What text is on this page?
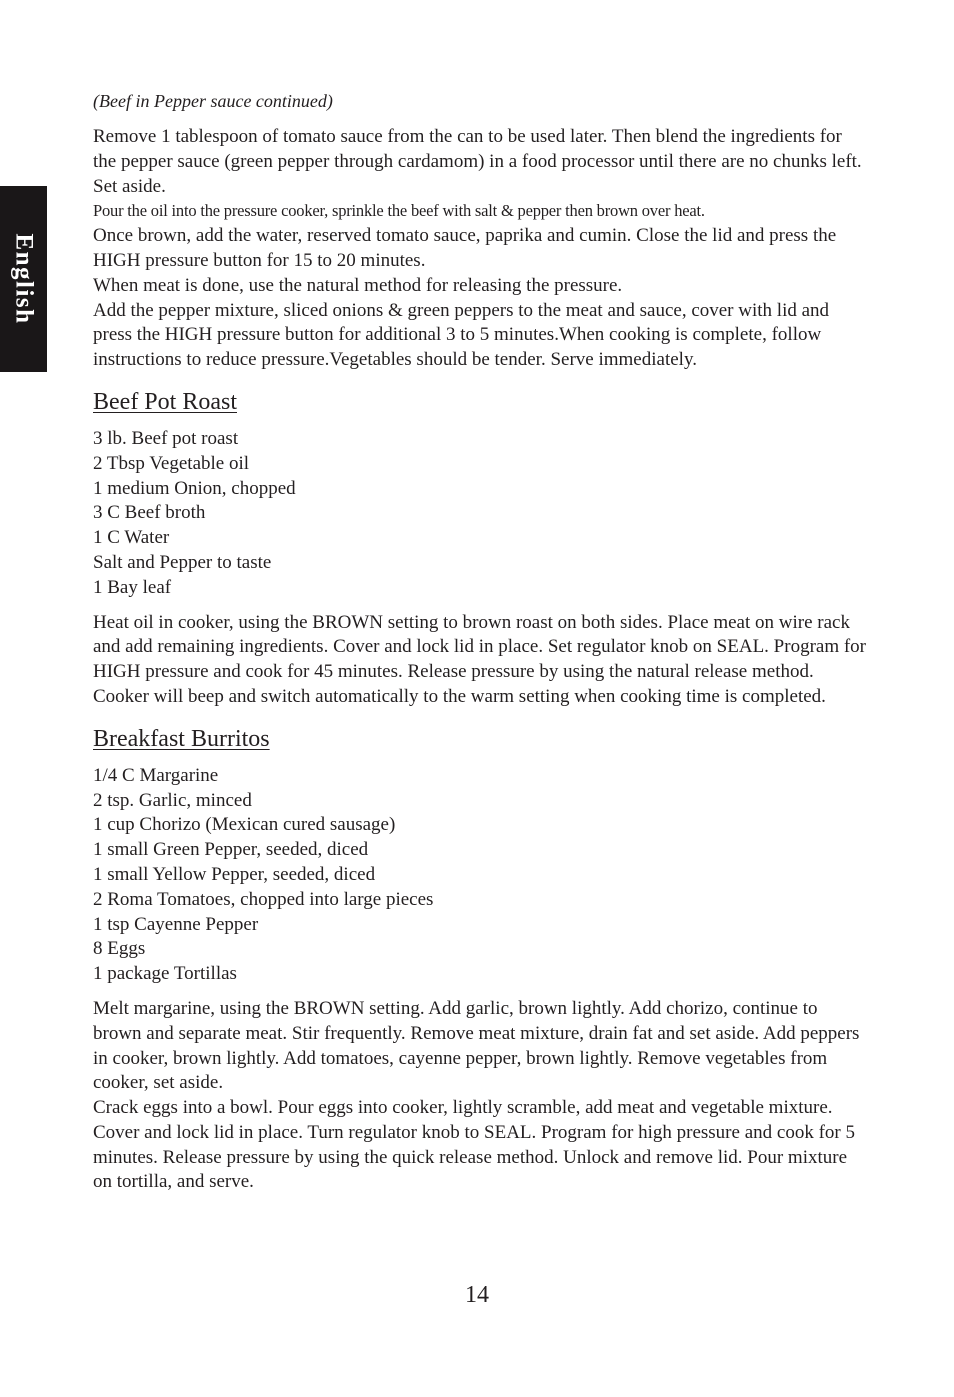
English

(Beef in Pepper sauce continued)

Remove 1 tablespoon of tomato sauce from the can to be used later. Then blend the ingredients for the pepper sauce (green pepper through cardamom) in a food processor until there are no chunks left. Set aside.

Pour the oil into the pressure cooker, sprinkle the beef with salt & pepper then brown over heat.

Once brown, add the water, reserved tomato sauce, paprika and cumin. Close the lid and press the HIGH pressure button for 15 to 20 minutes.

When meat is done, use the natural method for releasing the pressure.

Add the pepper mixture, sliced onions & green peppers to the meat and sauce, cover with lid and press the HIGH pressure button for additional 3 to 5 minutes.When cooking is complete, follow instructions to reduce pressure.Vegetables should be tender. Serve immediately.

Beef Pot Roast
3 lb. Beef pot roast
2 Tbsp Vegetable oil
1 medium Onion, chopped
3 C Beef broth
1 C Water
Salt and Pepper to taste
1 Bay leaf

Heat oil in cooker, using the BROWN setting to brown roast on both sides. Place meat on wire rack and add remaining ingredients. Cover and lock lid in place. Set regulator knob on SEAL. Program for HIGH pressure and cook for 45 minutes. Release pressure by using the natural release method. Cooker will beep and switch automatically to the warm setting when cooking time is completed.

Breakfast Burritos
1/4 C Margarine
2 tsp. Garlic, minced
1 cup Chorizo (Mexican cured sausage)
1 small Green Pepper, seeded, diced
1 small Yellow Pepper, seeded, diced
2 Roma Tomatoes, chopped into large pieces
1 tsp Cayenne Pepper
8 Eggs
1 package Tortillas

Melt margarine, using the BROWN setting. Add garlic, brown lightly. Add chorizo, continue to brown and separate meat. Stir frequently. Remove meat mixture, drain fat and set aside. Add peppers in cooker, brown lightly. Add tomatoes, cayenne pepper, brown lightly. Remove vegetables from cooker, set aside.

Crack eggs into a bowl. Pour eggs into cooker, lightly scramble, add meat and vegetable mixture. Cover and lock lid in place. Turn regulator knob to SEAL. Program for high pressure and cook for 5 minutes. Release pressure by using the quick release method. Unlock and remove lid. Pour mixture on tortilla, and serve.

14
